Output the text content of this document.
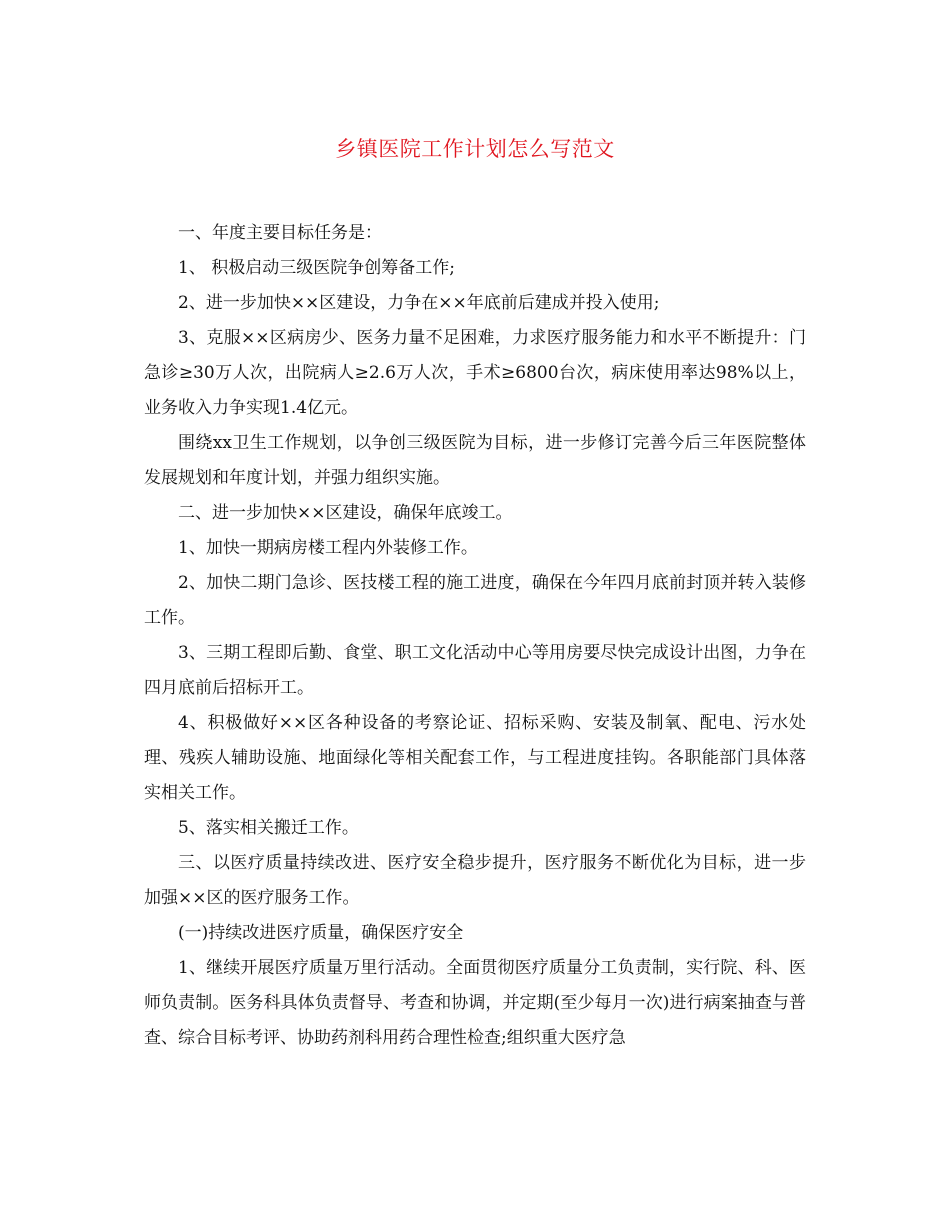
乡镇医院工作计划怎么写范文

一、年度主要目标任务是：

1、 积极启动三级医院争创筹备工作;

2、进一步加快××区建设，力争在××年底前后建成并投入使用;

3、克服××区病房少、医务力量不足困难，力求医疗服务能力和水平不断提升：门急诊≥30万人次，出院病人≥2.6万人次，手术≥6800台次，病床使用率达98%以上，业务收入力争实现1.4亿元。

围绕xx卫生工作规划，以争创三级医院为目标，进一步修订完善今后三年医院整体发展规划和年度计划，并强力组织实施。

二、进一步加快××区建设，确保年底竣工。

1、加快一期病房楼工程内外装修工作。

2、加快二期门急诊、医技楼工程的施工进度，确保在今年四月底前封顶并转入装修工作。

3、三期工程即后勤、食堂、职工文化活动中心等用房要尽快完成设计出图，力争在四月底前后招标开工。

4、积极做好××区各种设备的考察论证、招标采购、安装及制氧、配电、污水处理、残疾人辅助设施、地面绿化等相关配套工作，与工程进度挂钩。各职能部门具体落实相关工作。

5、落实相关搬迁工作。

三、以医疗质量持续改进、医疗安全稳步提升，医疗服务不断优化为目标，进一步加强××区的医疗服务工作。

(一)持续改进医疗质量，确保医疗安全

1、继续开展医疗质量万里行活动。全面贯彻医疗质量分工负责制，实行院、科、医师负责制。医务科具体负责督导、考查和协调，并定期(至少每月一次)进行病案抽查与普查、综合目标考评、协助药剂科用药合理性检查;组织重大医疗急
